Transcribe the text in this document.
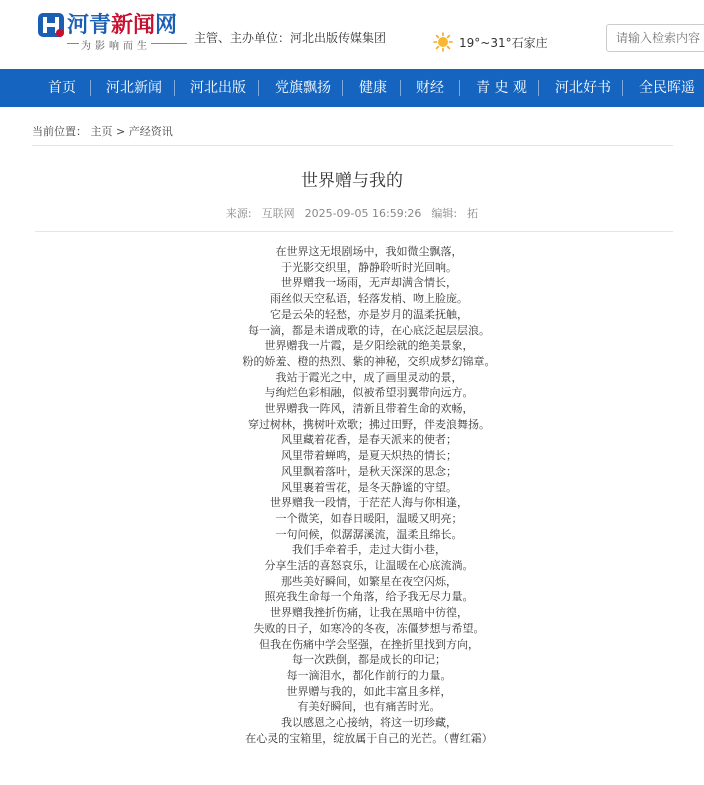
河青新闻网
为影响而生
主管、主办单位：河北出版传媒集团	19°~31°石家庄
请输入检索内容
首页 河北新闻 河北出版 党旗飘扬 健康 财经 青 史 观 河北好书 全民晖遥
当前位置： 主页 > 产经资讯
世界赠与我的
来源: 互联网 2025-09-05 16:59:26 编辑: 拓
在世界这无垠剧场中，我如微尘飘落，
于光影交织里，静静聆听时光回响。
世界赠我一场雨，无声却满含情长，
雨丝似天空私语，轻落发梢、吻上脸庞。
它是云朵的轻愁，亦是岁月的温柔抚触，
每一滴，都是未谱成歌的诗，在心底泛起层层浪。
世界赠我一片霞，是夕阳绘就的绝美景象，
粉的娇羞、橙的热烈、紫的神秘，交织成梦幻锦章。
我站于霞光之中，成了画里灵动的景，
与绚烂色彩相融，似被希望羽翼带向远方。
世界赠我一阵风，清新且带着生命的欢畅，
穿过树林，携树叶欢歌；拂过田野，伴麦浪舞扬。
风里藏着花香，是春天派来的使者；
风里带着蝉鸣，是夏天炽热的情长；
风里飘着落叶，是秋天深深的思念；
风里裹着雪花，是冬天静谧的守望。
世界赠我一段情，于茫茫人海与你相逢，
一个微笑，如春日暖阳，温暖又明亮；
一句问候，似潺潺溪流，温柔且绵长。
我们手牵着手，走过大街小巷，
分享生活的喜怒哀乐，让温暖在心底流淌。
那些美好瞬间，如繁星在夜空闪烁，
照亮我生命每一个角落，给予我无尽力量。
世界赠我挫折伤痛，让我在黑暗中彷徨，
失败的日子，如寒冷的冬夜，冻僵梦想与希望。
但我在伤痛中学会坚强，在挫折里找到方向，
每一次跌倒，都是成长的印记；
每一滴泪水，都化作前行的力量。
世界赠与我的，如此丰富且多样，
有美好瞬间，也有痛苦时光。
我以感恩之心接纳，将这一切珍藏，
在心灵的宝箱里，绽放属于自己的光芒。（曹红霜）
